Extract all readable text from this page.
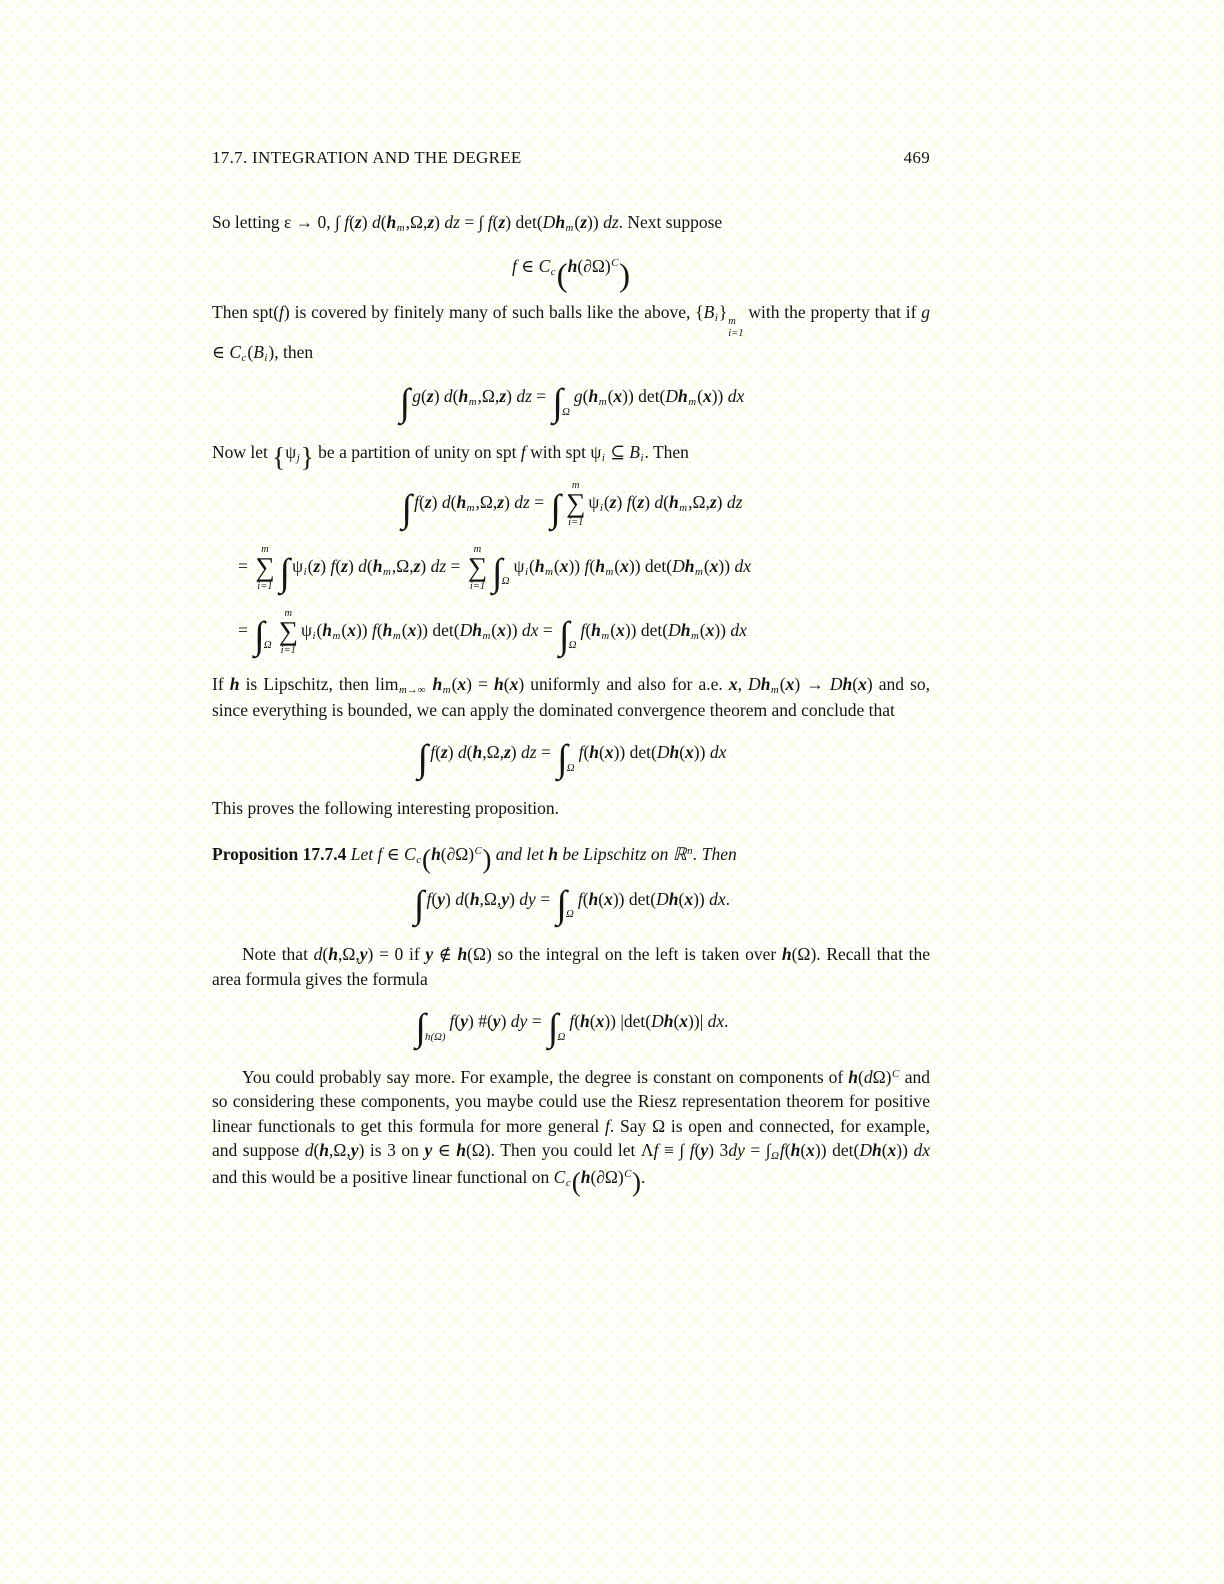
17.7. INTEGRATION AND THE DEGREE	469

So letting ε → 0, ∫ f(z) d(hm,Ω,z) dz = ∫ f(z) det(Dhm(z)) dz. Next suppose

f ∈ $Cc(h(\partial\Omega)^C)$

Then spt(f) is covered by finitely many of such balls like the above, {Bi} m
i=1
with the property that if g ∈ Cc(Bi), then

∫ g(z) d(hm,Ω,z) dz = $\int_\Omega g(hm(x))$ det(Dhm(x)) dx

Now let {ψj} be a partition of unity on spt f with spt ψi ⊆ Bi. Then

∫ f(z) d(hm,Ω,z) dz = ∫
m
∑
i=1
ψi(z) f(z) d(hm,Ω,z) dz
=
m
∑
i=1 ∫ ψi(z) f(z) d(hm,Ω,z) dz =
m
∑
i=1 $\int_\Omega\psi i(hm(x))$ f(hm(x)) det(Dhm(x)) dx
= $\int_\Omega$
m
∑
i=1
ψi(hm(x)) f(hm(x)) det(Dhm(x)) dx = $\int_\Omega f(hm(x))$ det(Dhm(x)) dx

If h is Lipschitz, then limm→∞ hm(x) = h(x) uniformly and also for a.e. x, Dhm(x) → Dh(x) and so, since everything is bounded, we can apply the dominated convergence theorem and conclude that

∫ f(z) d(h,Ω,z) dz = $\int_\Omega f(h(x))$ det(Dh(x)) dx

This proves the following interesting proposition.

Proposition 17.7.4 Let f ∈ $Cc(h(\partial\Omega)^C)$ and let h be Lipschitz on ℝ$^n$. Then

∫ f(y) d(h,Ω,y) dy = $\int_\Omega f(h(x))$ det(Dh(x)) dx.

Note that d(h,Ω,y) = 0 if y ∉ h(Ω) so the integral on the left is taken over h(Ω). Recall that the area formula gives the formula

$\int_{h(\Omega)}f(y)$ #(y) dy = $\int_\Omega f(h(x))$ |det(Dh(x))| dx.

You could probably say more. For example, the degree is constant on components of $h(d\Omega)^C$ and so considering these components, you maybe could use the Riesz representation theorem for positive linear functionals to get this formula for more general f. Say Ω is open and connected, for example, and suppose d(h,Ω,y) is 3 on y ∈ h(Ω). Then you could let Λf ≡ ∫ f(y) 3dy = ∫Ωf(h(x)) det(Dh(x)) dx and this would be a positive linear functional on $Cc(h(\partial\Omega)^C)$.
